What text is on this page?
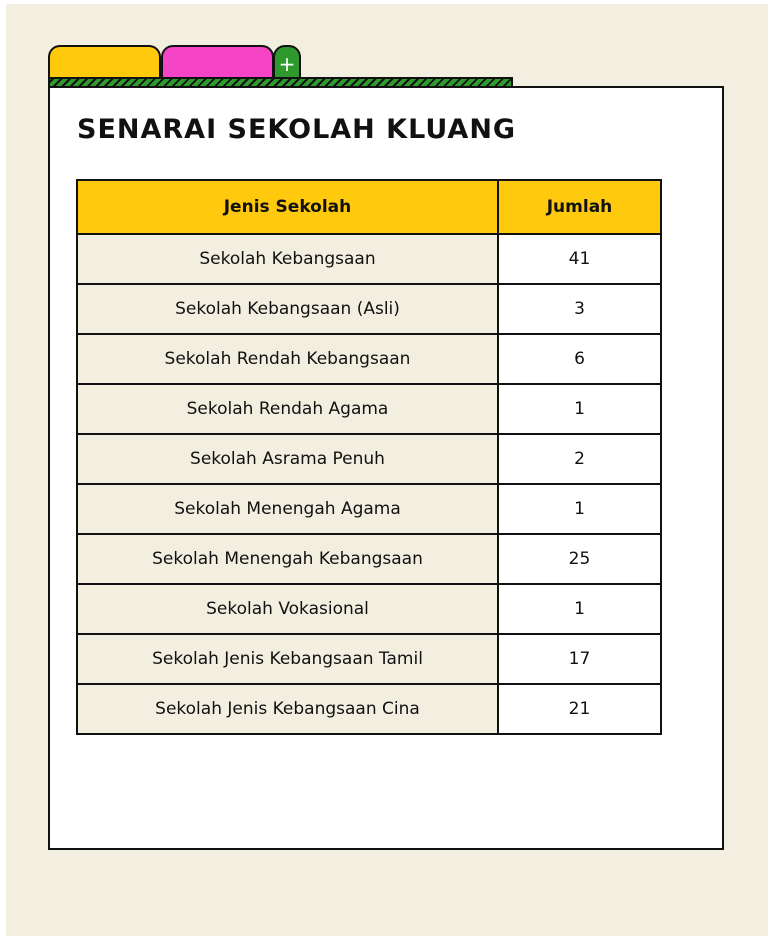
+
SENARAI SEKOLAH KLUANG
Jenis Sekolah	Jumlah
Sekolah Kebangsaan	41
Sekolah Kebangsaan (Asli)	3
Sekolah Rendah Kebangsaan	6
Sekolah Rendah Agama	1
Sekolah Asrama Penuh	2
Sekolah Menengah Agama	1
Sekolah Menengah Kebangsaan	25
Sekolah Vokasional	1
Sekolah Jenis Kebangsaan Tamil	17
Sekolah Jenis Kebangsaan Cina	21
